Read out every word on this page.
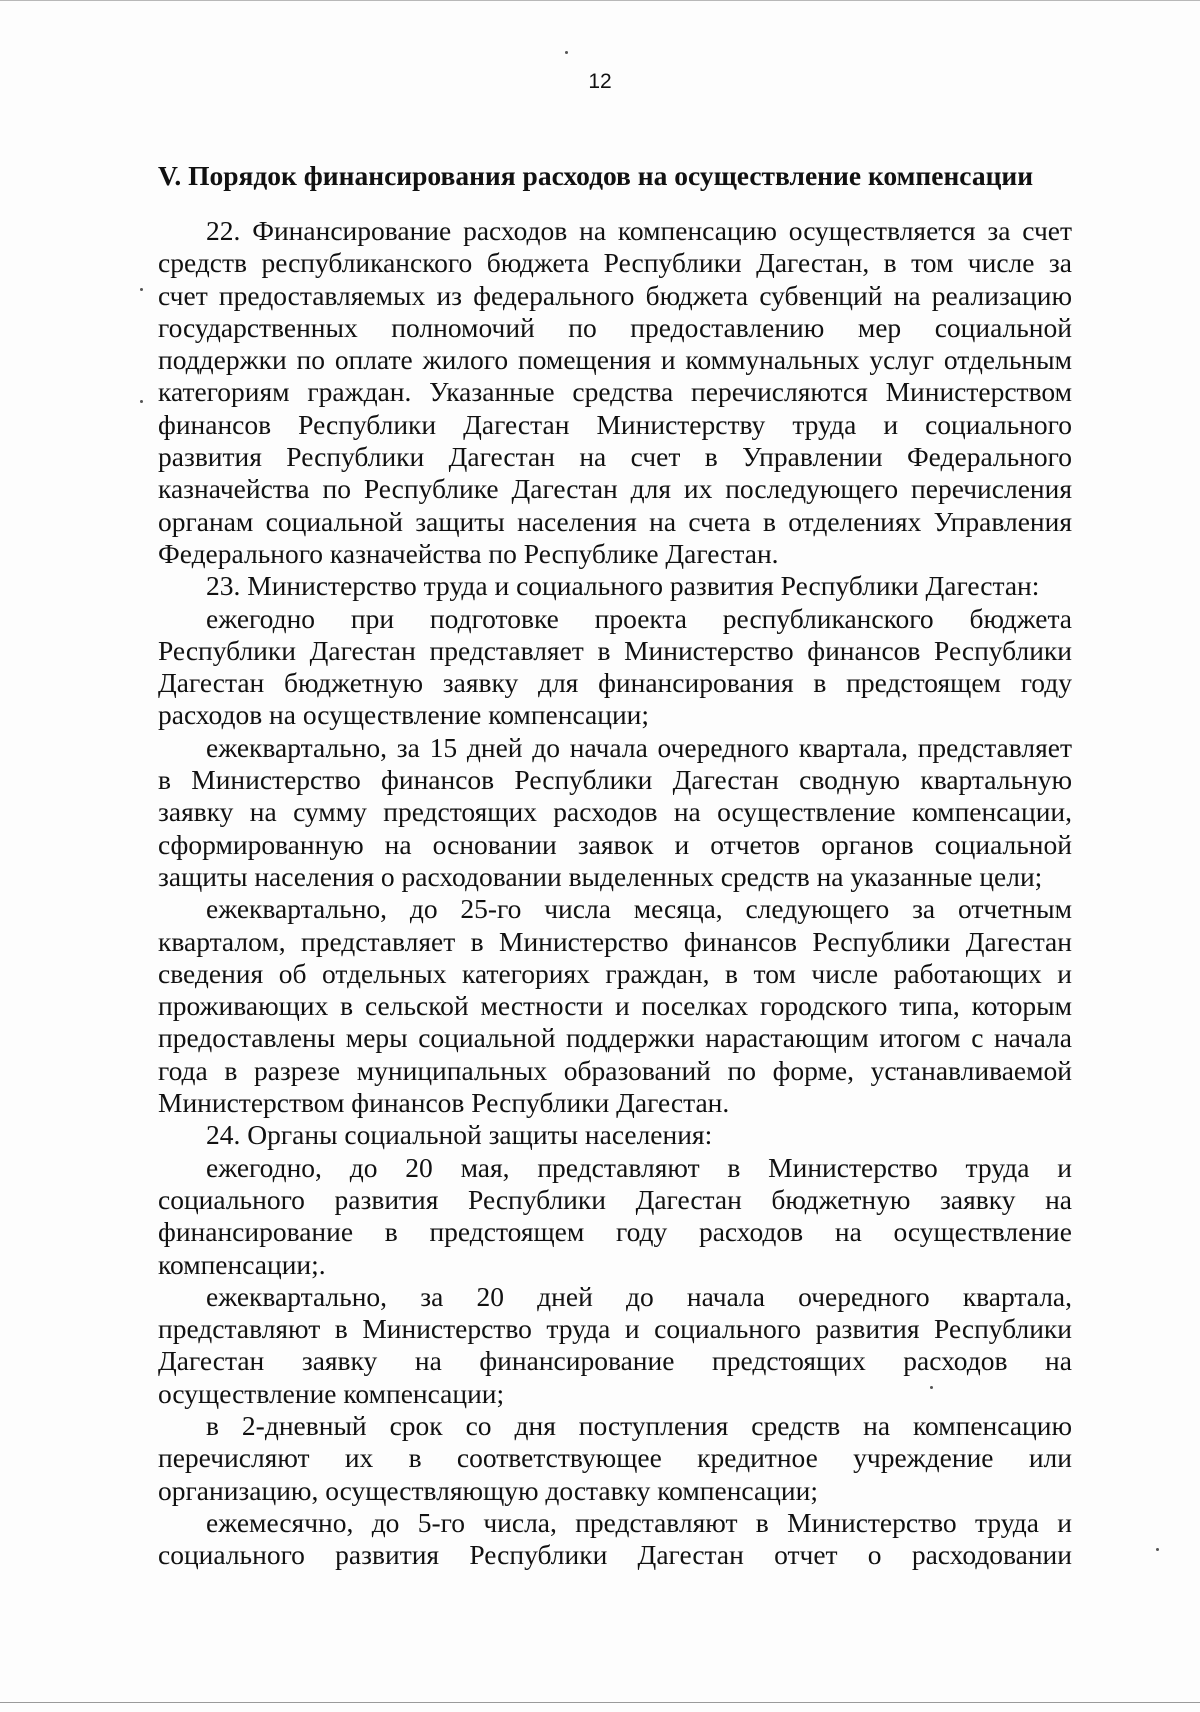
12
V. Порядок финансирования расходов на осуществление компенсации
22. Финансирование расходов на компенсацию осуществляется за счет
средств республиканского бюджета Республики Дагестан, в том числе за
счет предоставляемых из федерального бюджета субвенций на реализацию
государственных полномочий по предоставлению мер социальной
поддержки по оплате жилого помещения и коммунальных услуг отдельным
категориям граждан. Указанные средства перечисляются Министерством
финансов Республики Дагестан Министерству труда и социального
развития Республики Дагестан на счет в Управлении Федерального
казначейства по Республике Дагестан для их последующего перечисления
органам социальной защиты населения на счета в отделениях Управления
Федерального казначейства по Республике Дагестан.
23. Министерство труда и социального развития Республики Дагестан:
ежегодно при подготовке проекта республиканского бюджета
Республики Дагестан представляет в Министерство финансов Республики
Дагестан бюджетную заявку для финансирования в предстоящем году
расходов на осуществление компенсации;
ежеквартально, за 15 дней до начала очередного квартала, представляет
в Министерство финансов Республики Дагестан сводную квартальную
заявку на сумму предстоящих расходов на осуществление компенсации,
сформированную на основании заявок и отчетов органов социальной
защиты населения о расходовании выделенных средств на указанные цели;
ежеквартально, до 25-го числа месяца, следующего за отчетным
кварталом, представляет в Министерство финансов Республики Дагестан
сведения об отдельных категориях граждан, в том числе работающих и
проживающих в сельской местности и поселках городского типа, которым
предоставлены меры социальной поддержки нарастающим итогом с начала
года в разрезе муниципальных образований по форме, устанавливаемой
Министерством финансов Республики Дагестан.
24. Органы социальной защиты населения:
ежегодно, до 20 мая, представляют в Министерство труда и
социального развития Республики Дагестан бюджетную заявку на
финансирование в предстоящем году расходов на осуществление
компенсации;.
ежеквартально, за 20 дней до начала очередного квартала,
представляют в Министерство труда и социального развития Республики
Дагестан заявку на финансирование предстоящих расходов на
осуществление компенсации;
в 2-дневный срок со дня поступления средств на компенсацию
перечисляют их в соответствующее кредитное учреждение или
организацию, осуществляющую доставку компенсации;
ежемесячно, до 5-го числа, представляют в Министерство труда и
социального развития Республики Дагестан отчет о расходовании
